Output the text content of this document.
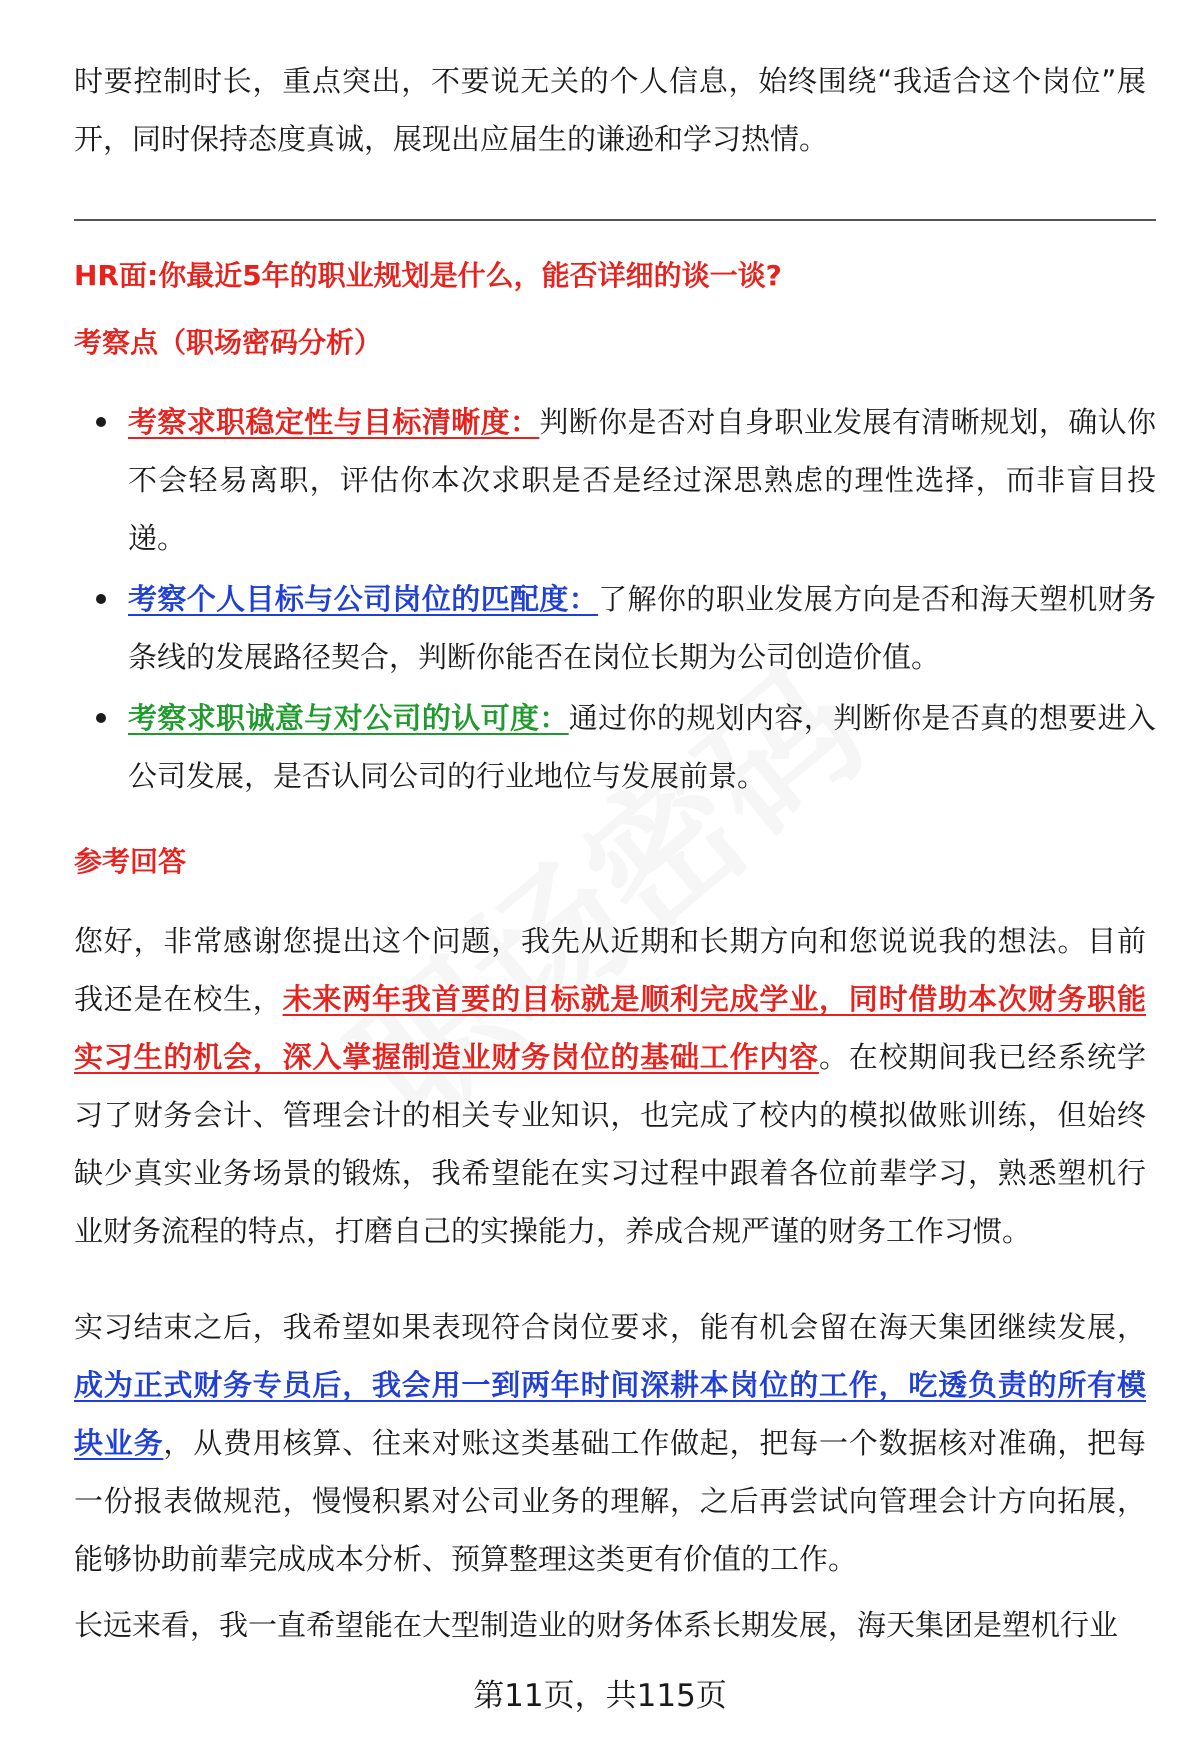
时要控制时长，重点突出，不要说无关的个人信息，始终围绕“我适合这个岗位”展开，同时保持态度真诚，展现出应届生的谦逊和学习热情。

HR面:你最近5年的职业规划是什么，能否详细的谈一谈?
考察点（职场密码分析）
考察求职稳定性与目标清晰度：判断你是否对自身职业发展有清晰规划，确认你不会轻易离职，评估你本次求职是否是经过深思熟虑的理性选择，而非盲目投递。
考察个人目标与公司岗位的匹配度：了解你的职业发展方向是否和海天塑机财务条线的发展路径契合，判断你能否在岗位长期为公司创造价值。
考察求职诚意与对公司的认可度：通过你的规划内容，判断你是否真的想要进入公司发展，是否认同公司的行业地位与发展前景。
参考回答

您好，非常感谢您提出这个问题，我先从近期和长期方向和您说说我的想法。目前我还是在校生，未来两年我首要的目标就是顺利完成学业，同时借助本次财务职能实习生的机会，深入掌握制造业财务岗位的基础工作内容。在校期间我已经系统学习了财务会计、管理会计的相关专业知识，也完成了校内的模拟做账训练，但始终缺少真实业务场景的锻炼，我希望能在实习过程中跟着各位前辈学习，熟悉塑机行业财务流程的特点，打磨自己的实操能力，养成合规严谨的财务工作习惯。

实习结束之后，我希望如果表现符合岗位要求，能有机会留在海天集团继续发展，成为正式财务专员后，我会用一到两年时间深耕本岗位的工作，吃透负责的所有模块业务，从费用核算、往来对账这类基础工作做起，把每一个数据核对准确，把每一份报表做规范，慢慢积累对公司业务的理解，之后再尝试向管理会计方向拓展，能够协助前辈完成成本分析、预算整理这类更有价值的工作。

长远来看，我一直希望能在大型制造业的财务体系长期发展，海天集团是塑机行业

第11页，共115页
